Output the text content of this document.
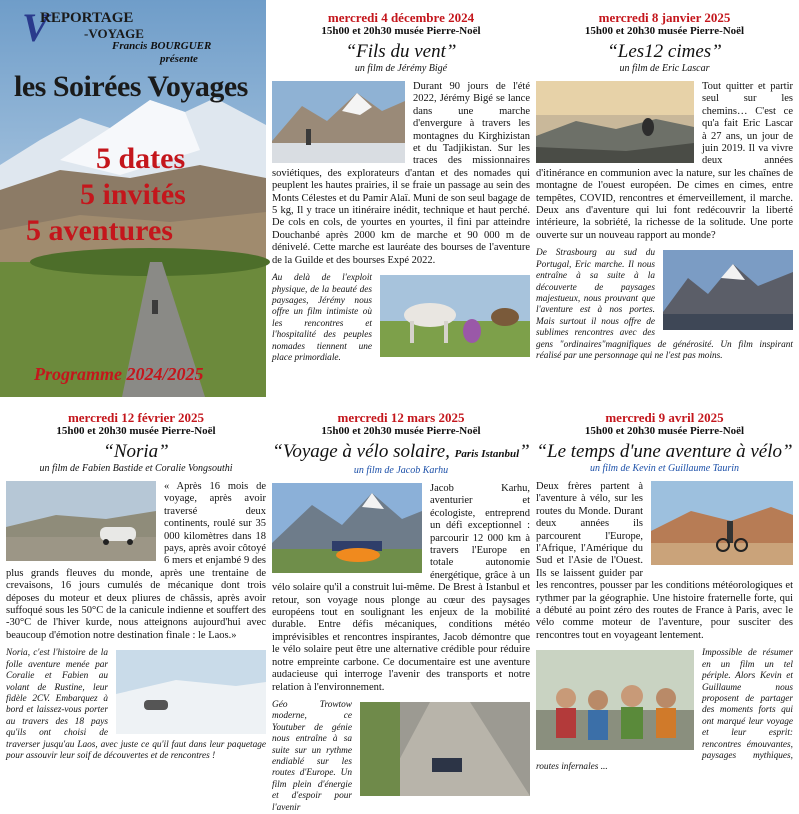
V
REPORTAGE
-VOYAGE
Francis BOURGUER
présente
les Soirées Voyages
5 dates
5 invités
5 aventures
Programme 2024/2025
mercredi 4 décembre 2024
15h00 et 20h30 musée Pierre-Noël
“Fils du vent”
un film de Jérémy Bigé

Durant 90 jours de l'été 2022, Jérémy Bigé se lance dans une marche d'envergure à travers les montagnes du Kirghizistan et du Tadjikistan. Sur les traces des missionnaires soviétiques, des explorateurs d'antan et des nomades qui peuplent les hautes prairies, il se fraie un passage au sein des Monts Célestes et du Pamir Alaï. Muni de son seul bagage de 5 kg, Il y trace un itinéraire inédit, technique et haut perché. De cols en cols, de yourtes en yourtes, il fini par atteindre Douchanbé après 2000 km de marche et 90 000 m de dénivelé. Cette marche est lauréate des bourses de l'aventure de la Guilde et des bourses Expé 2022.

Au delà de l'exploit physique, de la beauté des paysages, Jérémy nous offre un film intimiste où les rencontres et l'hospitalité des peuples nomades tiennent une place primordiale.
mercredi 8 janvier 2025
15h00 et 20h30 musée Pierre-Noël
“Les12 cimes”
un film de Eric Lascar

Tout quitter et partir seul sur les chemins… C'est ce qu'a fait Eric Lascar à 27 ans, un jour de juin 2019. Il va vivre deux années d'itinérance en communion avec la nature, sur les chaînes de montagne de l'ouest européen. De cimes en cimes, entre tempêtes, COVID, rencontres et émerveillement, il marche. Deux ans d'aventure qui lui font redécouvrir la liberté intérieure, la sobriété, la richesse de la solitude. Une porte ouverte sur un nouveau rapport au monde?

De Strasbourg au sud du Portugal, Eric marche. Il nous entraîne à sa suite à la découverte de paysages majestueux, nous prouvant que l'aventure est à nos portes. Mais surtout il nous offre de sublimes rencontres avec des gens "ordinaires"magnifiques de générosité. Un film inspirant réalisé par une personnage qui ne l'est pas moins.
mercredi 12 février 2025
15h00 et 20h30 musée Pierre-Noël
“Noria”
un film de Fabien Bastide et Coralie Vongsouthi

« Après 16 mois de voyage, après avoir traversé deux continents, roulé sur 35 000 kilomètres dans 18 pays, après avoir côtoyé 6 mers et enjambé 9 des plus grands fleuves du monde, après une trentaine de crevaisons, 16 jours cumulés de mécanique dont trois déposes du moteur et deux pliures de châssis, après avoir suffoqué sous les 50°C de la canicule indienne et souffert des -30°C de l'hiver kurde, nous atteignons aujourd'hui avec beaucoup d'émotion notre destination finale : le Laos.»

Noria, c'est l'histoire de la folle aventure menée par Coralie et Fabien au volant de Rustine, leur fidèle 2CV. Embarquez à bord et laissez-vous porter au travers des 18 pays qu'ils ont choisi de traverser jusqu'au Laos, avec juste ce qu'il faut dans leur paquetage pour assouvir leur soif de découvertes et de rencontres !
mercredi 12 mars 2025
15h00 et 20h30 musée Pierre-Noël
“Voyage à vélo solaire, Paris Istanbul”
un film de Jacob Karhu

Jacob Karhu, aventurier et écologiste, entreprend un défi exceptionnel : parcourir 12 000 km à travers l'Europe en totale autonomie énergétique, grâce à un vélo solaire qu'il a construit lui-même. De Brest à Istanbul et retour, son voyage nous plonge au cœur des paysages européens tout en soulignant les enjeux de la mobilité durable. Entre défis mécaniques, conditions météo imprévisibles et rencontres inspirantes, Jacob démontre que le vélo solaire peut être une alternative crédible pour réduire notre empreinte carbone. Ce documentaire est une aventure audacieuse qui interroge l'avenir des transports et notre relation à l'environnement.

Géo Trowtow moderne, ce Youtuber de génie nous entraîne à sa suite sur un rythme endiablé sur les routes d'Europe. Un film plein d'énergie et d'espoir pour l'avenir
mercredi 9 avril 2025
15h00 et 20h30 musée Pierre-Noël
“Le temps d'une aventure à vélo”
un film de Kevin et Guillaume Taurin

Deux frères partent à l'aventure à vélo, sur les routes du Monde. Durant deux années ils parcourent l'Europe, l'Afrique, l'Amérique du Sud et l'Asie de l'Ouest. Ils se laissent guider par les rencontres, pousser par les conditions météorologiques et rythmer par la géographie. Une histoire fraternelle forte, qui a débuté au point zéro des routes de France à Paris, avec le vélo comme moteur de l'aventure, pour susciter des rencontres tout en voyageant lentement.

Impossible de résumer en un film un tel périple. Alors Kevin et Guillaume nous proposent de partager des moments forts qui ont marqué leur voyage et leur esprit: rencontres émouvantes, paysages mythiques, routes infernales ...
